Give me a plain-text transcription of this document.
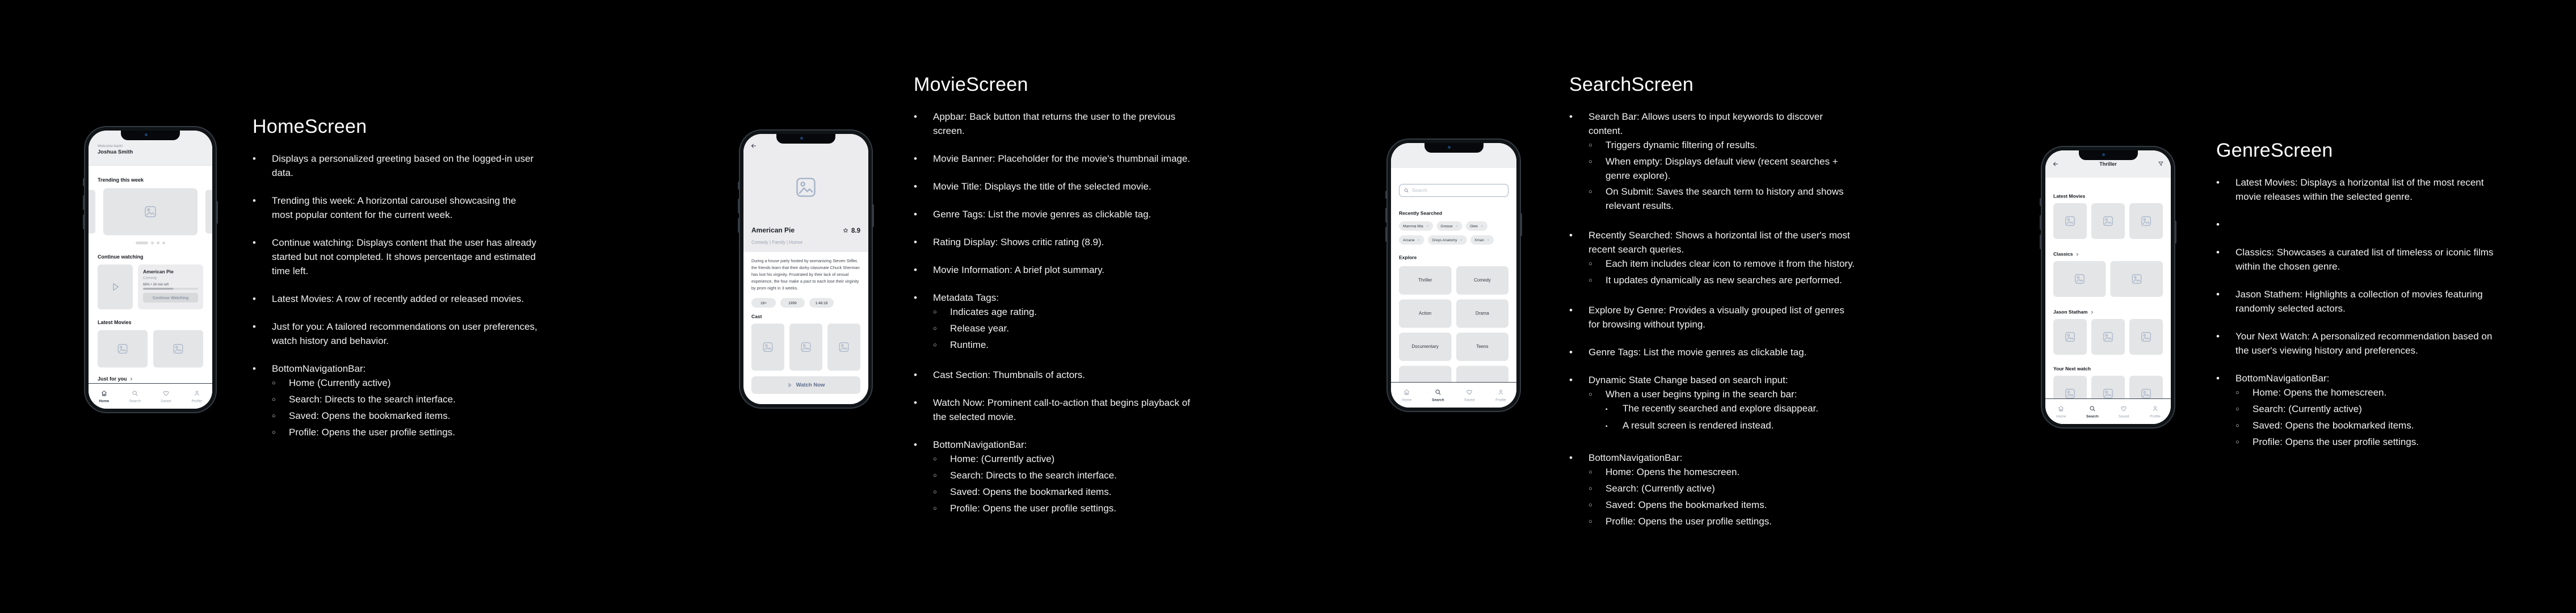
Welcome back!
Joshua Smith
Trending this week
Continue watching
American Pie
Comedy
68% • 34 min left
Continue Watching
Latest Movies
Just for you
Home	Search	Saved	Profile
HomeScreen
•	Displays a personalized greeting based on the logged-in user data.
•	Trending this week: A horizontal carousel showcasing the most popular content for the current week.
•	Continue watching: Displays content that the user has already started but not completed. It shows percentage and estimated time left.
•	Latest Movies: A row of recently added or released movies.
•	Just for you: A tailored recommendations on user preferences, watch history and behavior.
•	BottomNavigationBar:
○	Home (Currently active)
○	Search: Directs to the search interface.
○	Saved: Opens the bookmarked items.
○	Profile: Opens the user profile settings.
American Pie	8.9
Comedy | Family | Humor
During a house party hosted by womanizing Steven Stifler, the friends learn that their dorky classmate Chuck Sherman has lost his virginity. Frustrated by their lack of sexual experience, the four make a pact to each lose their virginity by prom night in 3 weeks.
18+	1999	1:46:18
Cast
Watch Now
MovieScreen
•	Appbar: Back button that returns the user to the previous screen.
•	Movie Banner: Placeholder for the movie's thumbnail image.
•	Movie Title: Displays the title of the selected movie.
•	Genre Tags: List the movie genres as clickable tag.
•	Rating Display: Shows critic rating (8.9).
•	Movie Information: A brief plot summary.
•	Metadata Tags:
○	Indicates age rating.
○	Release year.
○	Runtime.
•	Cast Section: Thumbnails of actors.
•	Watch Now: Prominent call-to-action that begins playback of the selected movie.
•	BottomNavigationBar:
○	Home: (Currently active)
○	Search: Directs to the search interface.
○	Saved: Opens the bookmarked items.
○	Profile: Opens the user profile settings.
Search
Recently Searched
Mamma Mia Grease Glee
Arcane Greys Anatomy Xman
Explore
Thriller	Comedy
Action	Drama
Documentary	Teens
Home	Search	Saved	Profile
SearchScreen
•	Search Bar: Allows users to input keywords to discover content.
○	Triggers dynamic filtering of results.
○	When empty: Displays default view (recent searches + genre explore).
○	On Submit: Saves the search term to history and shows relevant results.
•	Recently Searched: Shows a horizontal list of the user's most recent search queries.
○	Each item includes clear icon to remove it from the history.
○	It updates dynamically as new searches are performed.
•	Explore by Genre: Provides a visually grouped list of genres for browsing without typing.
•	Genre Tags: List the movie genres as clickable tag.
•	Dynamic State Change based on search input:
○	When a user begins typing in the search bar:
▪	The recently searched and explore disappear.
▪	A result screen is rendered instead.
•	BottomNavigationBar:
○	Home: Opens the homescreen.
○	Search: (Currently active)
○	Saved: Opens the bookmarked items.
○	Profile: Opens the user profile settings.
Thriller
Latest Movies
Classics
Jason Statham
Your Next watch
Home	Search	Saved	Profile
GenreScreen
•	Latest Movies: Displays a horizontal list of the most recent movie releases within the selected genre.
•
•	Classics: Showcases a curated list of timeless or iconic films within the chosen genre.
•	Jason Stathem: Highlights a collection of movies featuring randomly selected actors.
•	Your Next Watch: A personalized recommendation based on the user's viewing history and preferences.
•	BottomNavigationBar:
○	Home: Opens the homescreen.
○	Search: (Currently active)
○	Saved: Opens the bookmarked items.
○	Profile: Opens the user profile settings.
